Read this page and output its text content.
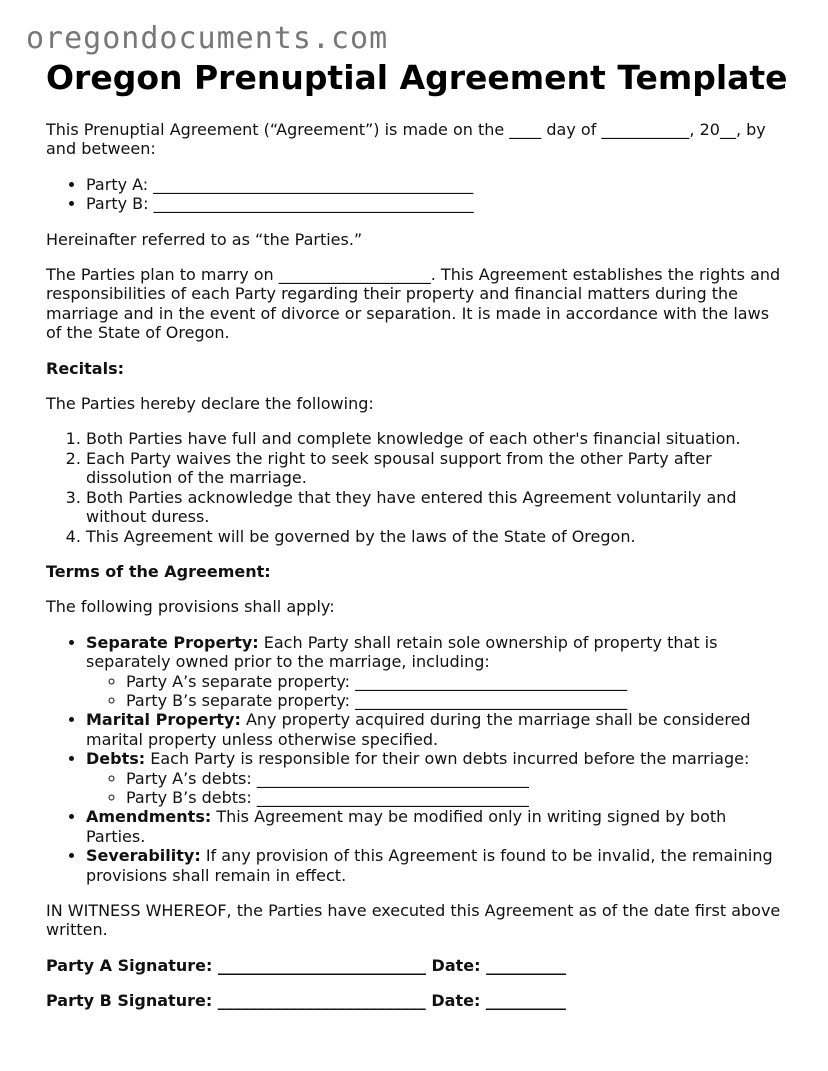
oregondocuments.com
Oregon Prenuptial Agreement Template

This Prenuptial Agreement (“Agreement”) is made on the ____ day of ___________, 20__, by and between:

• Party A: ________________________________________
• Party B: ________________________________________

Hereinafter referred to as “the Parties.”

The Parties plan to marry on ___________________. This Agreement establishes the rights and responsibilities of each Party regarding their property and financial matters during the marriage and in the event of divorce or separation. It is made in accordance with the laws of the State of Oregon.

Recitals:

The Parties hereby declare the following:

1. Both Parties have full and complete knowledge of each other's financial situation.
2. Each Party waives the right to seek spousal support from the other Party after dissolution of the marriage.
3. Both Parties acknowledge that they have entered this Agreement voluntarily and without duress.
4. This Agreement will be governed by the laws of the State of Oregon.

Terms of the Agreement:

The following provisions shall apply:

• Separate Property: Each Party shall retain sole ownership of property that is separately owned prior to the marriage, including:
◦ Party A’s separate property: __________________________________
◦ Party B’s separate property: __________________________________
• Marital Property: Any property acquired during the marriage shall be considered marital property unless otherwise specified.
• Debts: Each Party is responsible for their own debts incurred before the marriage:
◦ Party A’s debts: __________________________________
◦ Party B’s debts: __________________________________
• Amendments: This Agreement may be modified only in writing signed by both Parties.
• Severability: If any provision of this Agreement is found to be invalid, the remaining provisions shall remain in effect.

IN WITNESS WHEREOF, the Parties have executed this Agreement as of the date first above written.

Party A Signature: __________________________ Date: __________

Party B Signature: __________________________ Date: __________
